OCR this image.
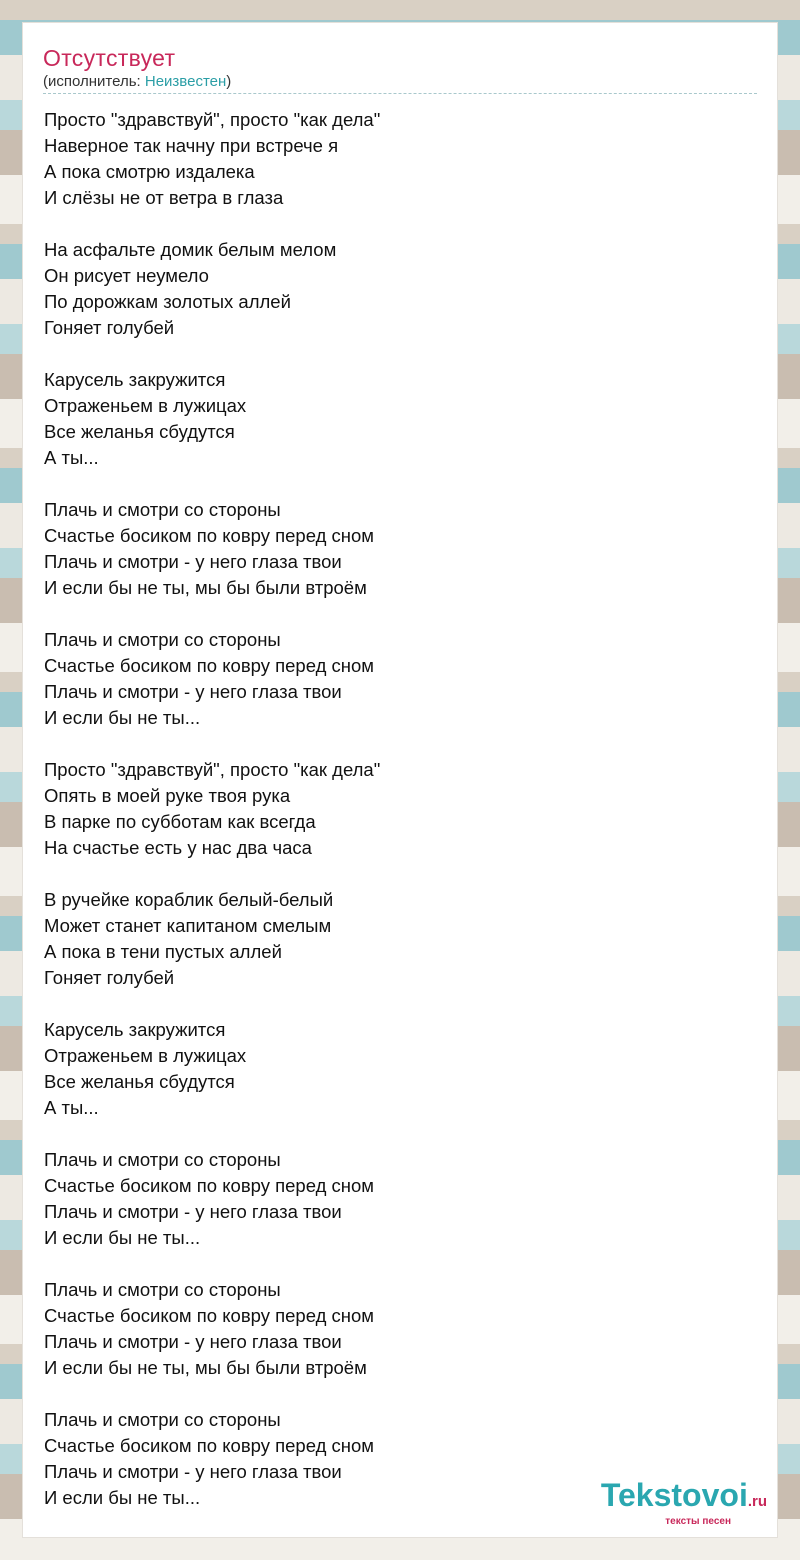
Отсутствует
(исполнитель: Неизвестен)
Просто "здравствуй", просто "как дела"
Наверное так начну при встрече я
А пока смотрю издалека
И слёзы не от ветра в глаза
На асфальте домик белым мелом
Он рисует неумело
По дорожкам золотых аллей
Гоняет голубей
Карусель закружится
Отраженьем в лужицах
Все желанья сбудутся
А ты...
Плачь и смотри со стороны
Счастье босиком по ковру перед сном
Плачь и смотри - у него глаза твои
И если бы не ты, мы бы были втроём
Плачь и смотри со стороны
Счастье босиком по ковру перед сном
Плачь и смотри - у него глаза твои
И если бы не ты...
Просто "здравствуй", просто "как дела"
Опять в моей руке твоя рука
В парке по субботам как всегда
На счастье есть у нас два часа
В ручейке кораблик белый-белый
Может станет капитаном смелым
А пока в тени пустых аллей
Гоняет голубей
Карусель закружится
Отраженьем в лужицах
Все желанья сбудутся
А ты...
Плачь и смотри со стороны
Счастье босиком по ковру перед сном
Плачь и смотри - у него глаза твои
И если бы не ты...
Плачь и смотри со стороны
Счастье босиком по ковру перед сном
Плачь и смотри - у него глаза твои
И если бы не ты, мы бы были втроём
Плачь и смотри со стороны
Счастье босиком по ковру перед сном
Плачь и смотри - у него глаза твои
И если бы не ты...	Tekstovoi.ru
тексты песен
